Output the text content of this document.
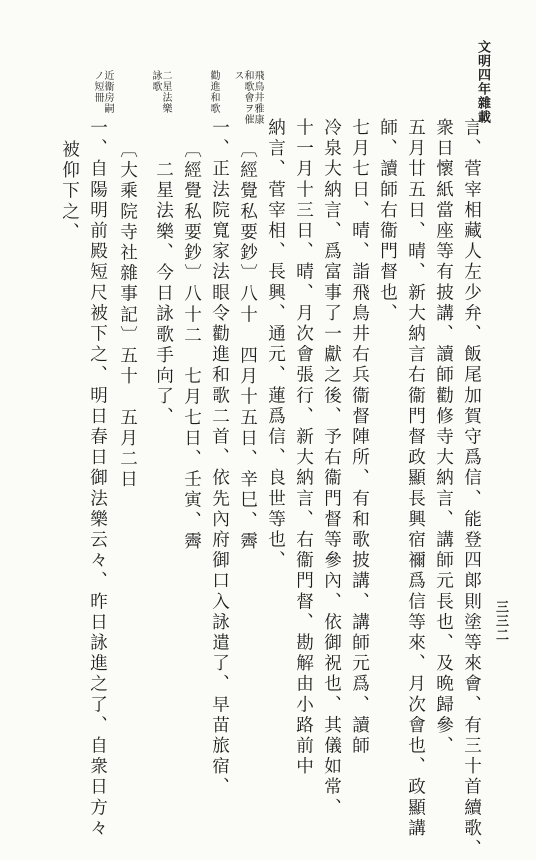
文明四年雜載
三三二
飛鳥井雅康和歌會ヲ催ス
勸進和歌
二星法樂詠歌
近衞房嗣ノ短冊
言、菅宰相藏人左少弁、飯尾加賀守爲信、能登四郞則塗等來會、有三十首續歌、
衆日懷紙當座等有披講、讀師勸修寺大納言、講師元長也、及晩歸參、
五月廿五日、晴、新大納言右衞門督政顯長興宿禰爲信等來、月次會也、政顯講
師、讀師右衞門督也、
七月七日、晴、詣飛鳥井右兵衞督陣所、有和歌披講、講師元爲、讀師
冷泉大納言、爲富事了一獻之後、予右衞門督等參內、依御祝也、其儀如常、
十一月十三日、晴、月次會張行、新大納言、右衞門督、勘解由小路前中
納言、菅宰相、長興、通元、蓮爲信、良世等也、
〔經覺私要鈔〕八十　四月十五日、辛巳、霽
一、正法院寬家法眼令勸進和歌二首、依先內府御口入詠遣了、早苗旅宿、
〔經覺私要鈔〕八十二　七月七日、壬寅、霽
二星法樂、今日詠歌手向了、
〔大乘院寺社雜事記〕五十　五月二日
一、自陽明前殿短尺被下之、明日春日御法樂云々、昨日詠進之了、自衆日方々
被仰下之、
